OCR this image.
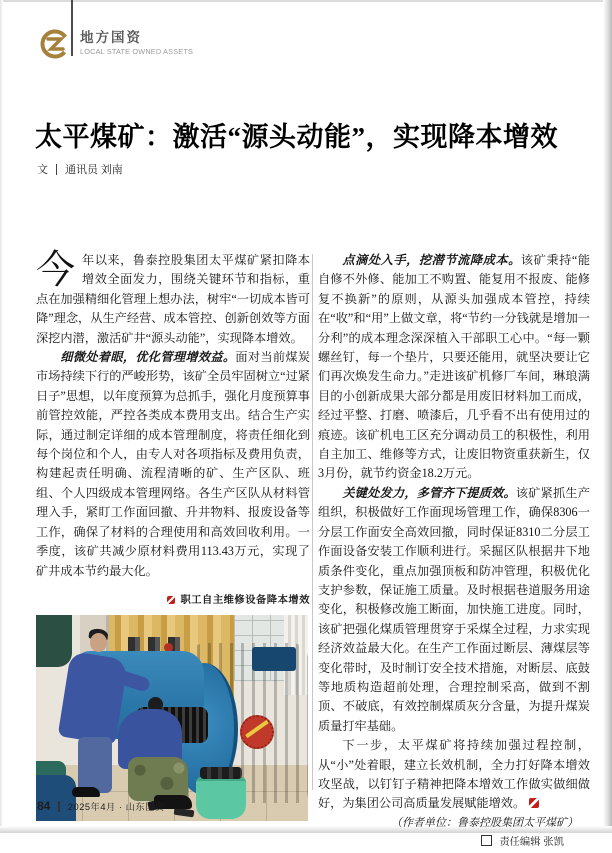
地方国资
LOCAL STATE OWNED ASSETS
太平煤矿：激活“源头动能”，实现降本增效
文 通讯员 刘南

今年以来，鲁泰控股集团太平煤矿紧扣降本增效全面发力，围绕关键环节和指标，重点在加强精细化管理上想办法，树牢“一切成本皆可降”理念，从生产经营、成本管控、创新创效等方面深挖内潜，激活矿井“源头动能”，实现降本增效。

细微处着眼，优化管理增效益。面对当前煤炭市场持续下行的严峻形势，该矿全员牢固树立“过紧日子”思想，以年度预算为总抓手，强化月度预算事前管控效能，严控各类成本费用支出。结合生产实际，通过制定详细的成本管理制度，将责任细化到每个岗位和个人，由专人对各项指标及费用负责，构建起责任明确、流程清晰的矿、生产区队、班组、个人四级成本管理网络。各生产区队从材料管理入手，紧盯工作面回撤、升井物料、报废设备等工作，确保了材料的合理使用和高效回收利用。一季度，该矿共减少原材料费用113.43万元，实现了矿井成本节约最大化。

职工自主维修设备降本增效

点滴处入手，挖潜节流降成本。该矿秉持“能自修不外修、能加工不购置、能复用不报废、能修复不换新”的原则，从源头加强成本管控，持续在“收”和“用”上做文章，将“节约一分钱就是增加一分利”的成本理念深深植入干部职工心中。“每一颗螺丝钉，每一个垫片，只要还能用，就坚决要让它们再次焕发生命力。”走进该矿机修厂车间，琳琅满目的小创新成果大部分都是用废旧材料加工而成，经过平整、打磨、喷漆后，几乎看不出有使用过的痕迹。该矿机电工区充分调动员工的积极性，利用自主加工、维修等方式，让废旧物资重获新生，仅3月份，就节约资金18.2万元。

关键处发力，多管齐下提质效。该矿紧抓生产组织，积极做好工作面现场管理工作，确保8306一分层工作面安全高效回撤，同时保证8310二分层工作面设备安装工作顺利进行。采掘区队根据井下地质条件变化，重点加强顶板和防冲管理，积极优化支护参数，保证施工质量。及时根据巷道服务用途变化，积极修改施工断面，加快施工进度。同时，该矿把强化煤质管理贯穿于采煤全过程，力求实现经济效益最大化。在生产工作面过断层、薄煤层等变化带时，及时制订安全技术措施，对断层、底鼓等地质构造超前处理，合理控制采高，做到不割顶、不破底，有效控制煤质灰分含量，为提升煤炭质量打牢基础。

下一步，太平煤矿将持续加强过程控制，从“小”处着眼，建立长效机制，全力打好降本增效攻坚战，以钉钉子精神把降本增效工作做实做细做好，为集团公司高质量发展赋能增效。

（作者单位：鲁泰控股集团太平煤矿）

责任编辑 张凯

84 2025年4月 · 山东国资
